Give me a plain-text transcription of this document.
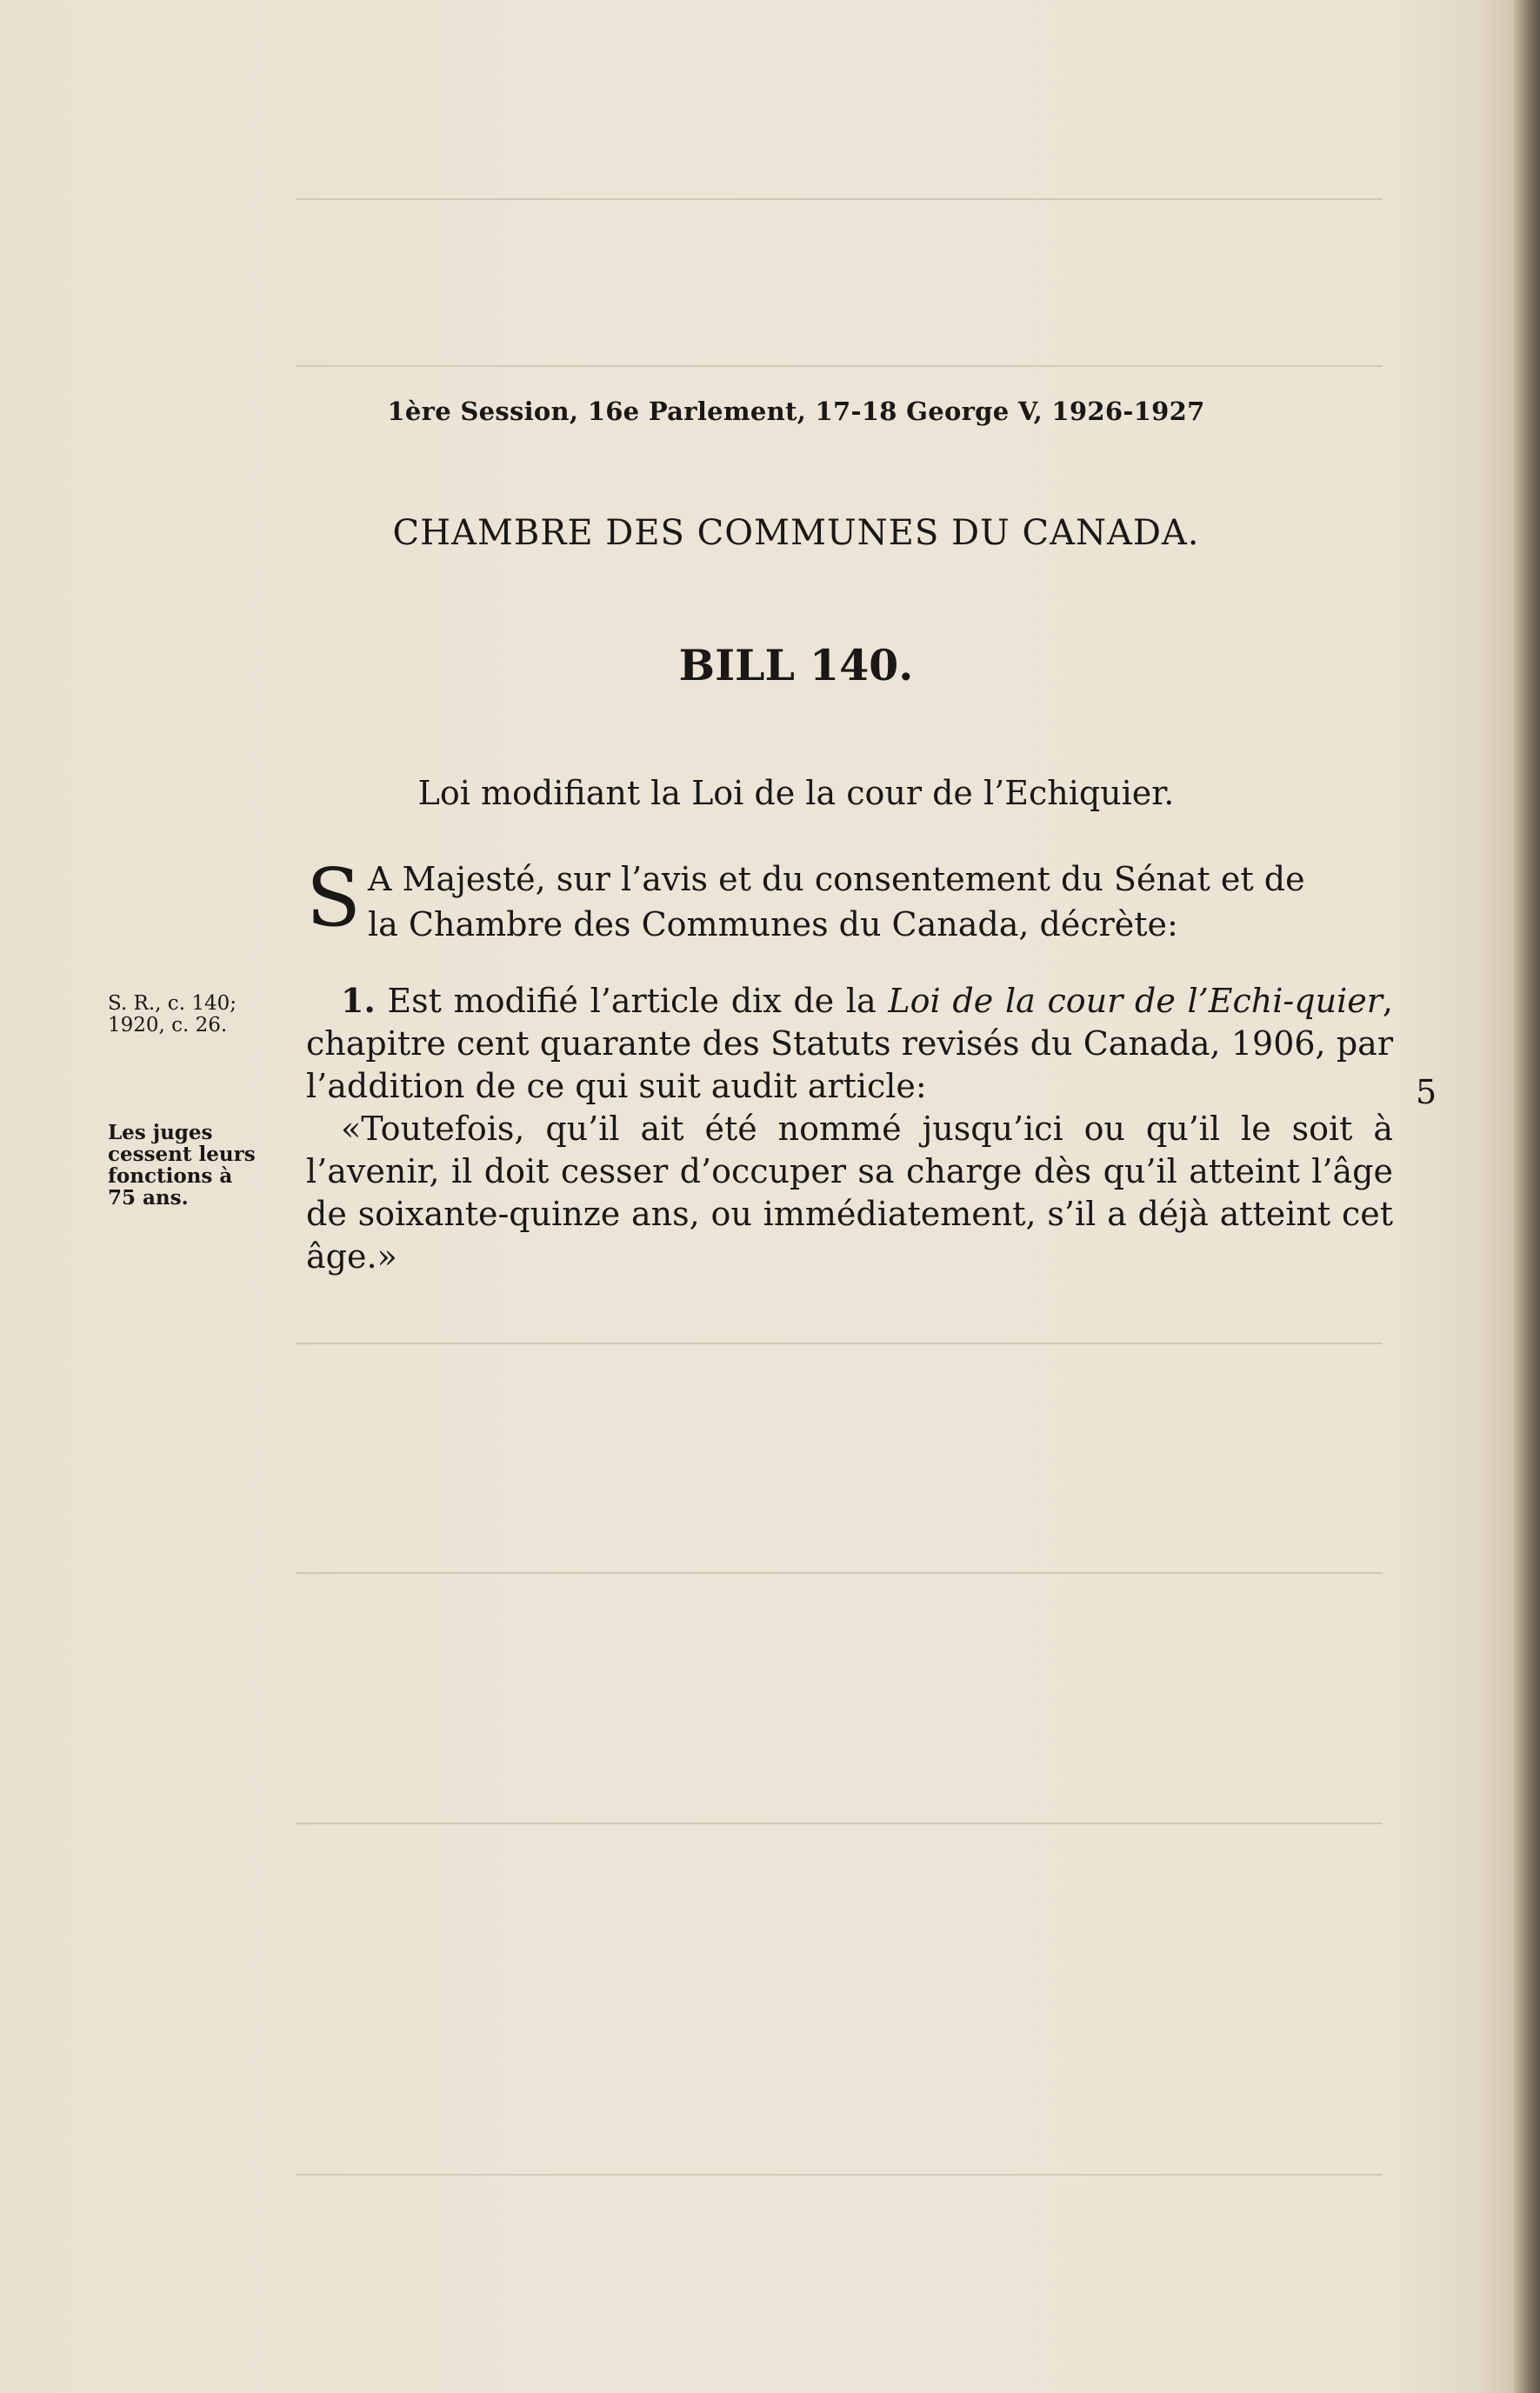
1ère Session, 16e Parlement, 17-18 George V, 1926-1927
CHAMBRE DES COMMUNES DU CANADA.
BILL 140.
Loi modifiant la Loi de la cour de l’Echiquier.
S A Majesté, sur l’avis et du consentement du Sénat et de
la Chambre des Communes du Canada, décrète:
S. R., c. 140;
1920, c. 26.
Les juges
cessent leurs
fonctions à
75 ans.

1. Est modifié l’article dix de la Loi de la cour de l’Echi-quier, chapitre cent quarante des Statuts revisés du Canada, 1906, par l’addition de ce qui suit audit article:

«Toutefois, qu’il ait été nommé jusqu’ici ou qu’il le soit à l’avenir, il doit cesser d’occuper sa charge dès qu’il atteint l’âge de soixante-quinze ans, ou immédiatement, s’il a déjà atteint cet âge.»

5
